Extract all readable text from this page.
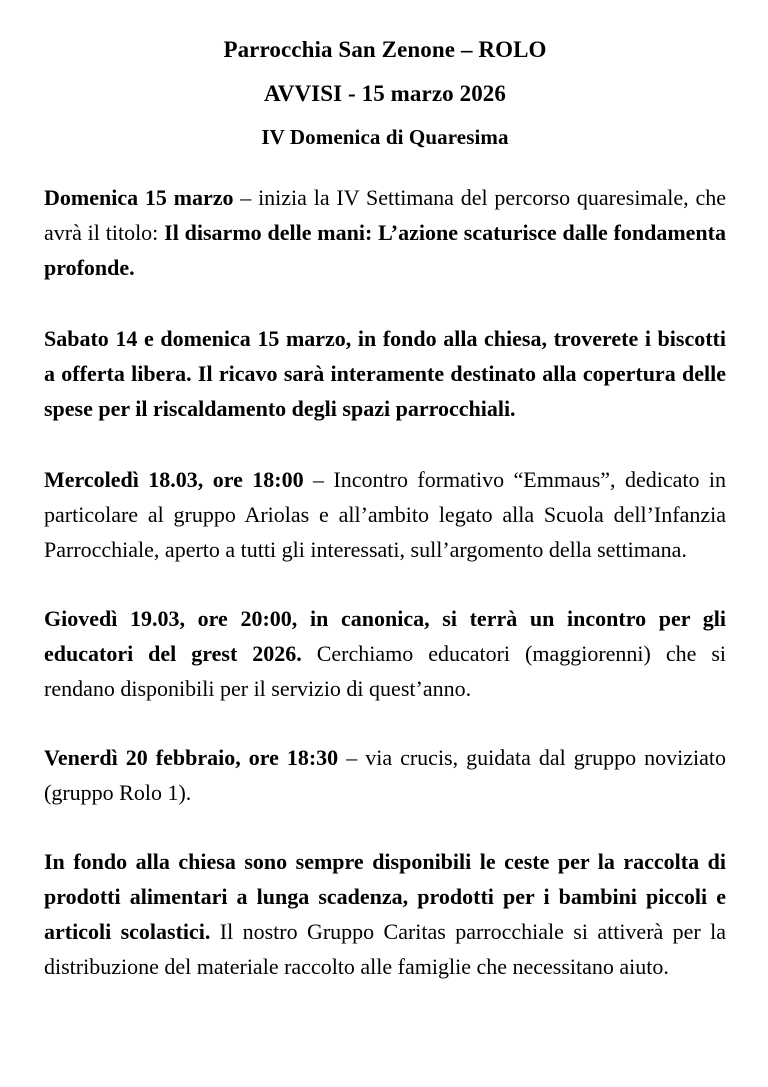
Parrocchia San Zenone – ROLO
AVVISI - 15 marzo 2026
IV Domenica di Quaresima

Domenica 15 marzo – inizia la IV Settimana del percorso quaresimale, che avrà il titolo: Il disarmo delle mani: L’azione scaturisce dalle fondamenta profonde.

Sabato 14 e domenica 15 marzo, in fondo alla chiesa, troverete i biscotti a offerta libera. Il ricavo sarà interamente destinato alla copertura delle spese per il riscaldamento degli spazi parrocchiali.

Mercoledì 18.03, ore 18:00 – Incontro formativo “Emmaus”, dedicato in particolare al gruppo Ariolas e all’ambito legato alla Scuola dell’Infanzia Parrocchiale, aperto a tutti gli interessati, sull’argomento della settimana.

Giovedì 19.03, ore 20:00, in canonica, si terrà un incontro per gli educatori del grest 2026. Cerchiamo educatori (maggiorenni) che si rendano disponibili per il servizio di quest’anno.

Venerdì 20 febbraio, ore 18:30 – via crucis, guidata dal gruppo noviziato (gruppo Rolo 1).

In fondo alla chiesa sono sempre disponibili le ceste per la raccolta di prodotti alimentari a lunga scadenza, prodotti per i bambini piccoli e articoli scolastici. Il nostro Gruppo Caritas parrocchiale si attiverà per la distribuzione del materiale raccolto alle famiglie che necessitano aiuto.
